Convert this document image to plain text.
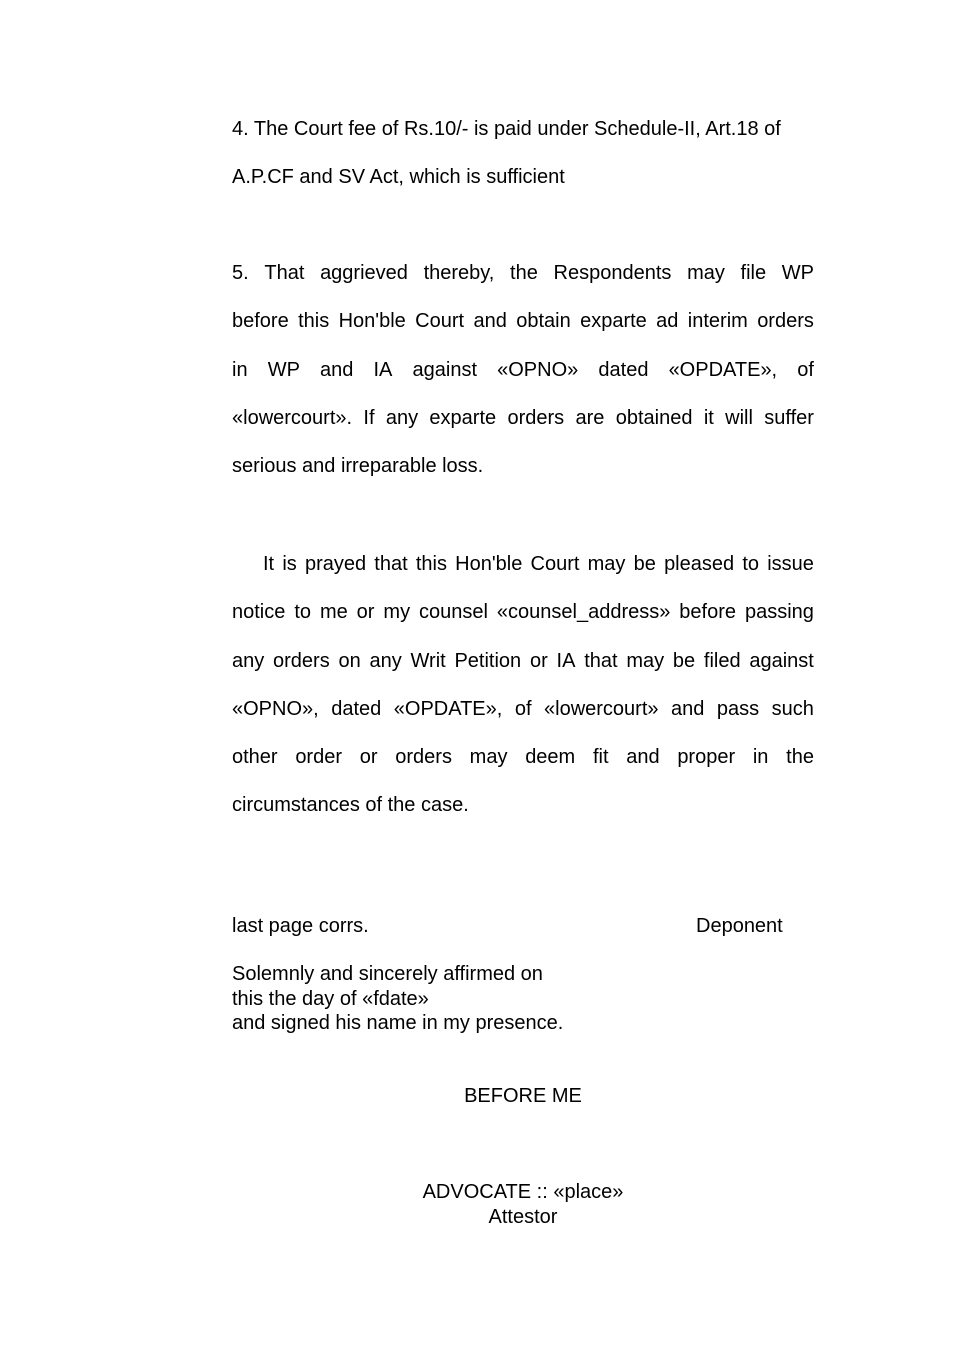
4. The Court fee of Rs.10/- is paid under Schedule-II, Art.18 of
A.P.CF and SV Act, which is sufficient
5. That aggrieved thereby, the Respondents may file WP
before this Hon'ble Court and obtain exparte ad interim orders
in WP and IA against «OPNO» dated «OPDATE», of
«lowercourt». If any exparte orders are obtained it will suffer
serious and irreparable loss.
It is prayed that this Hon'ble Court may be pleased to issue
notice to me or my counsel «counsel_address» before passing
any orders on any Writ Petition or IA that may be filed against
«OPNO», dated «OPDATE», of «lowercourt» and pass such
other order or orders may deem fit and proper in the
circumstances of the case.
last page corrs.	Deponent
Solemnly and sincerely affirmed on
this the day of «fdate»
and signed his name in my presence.
BEFORE ME
ADVOCATE :: «place»
Attestor
